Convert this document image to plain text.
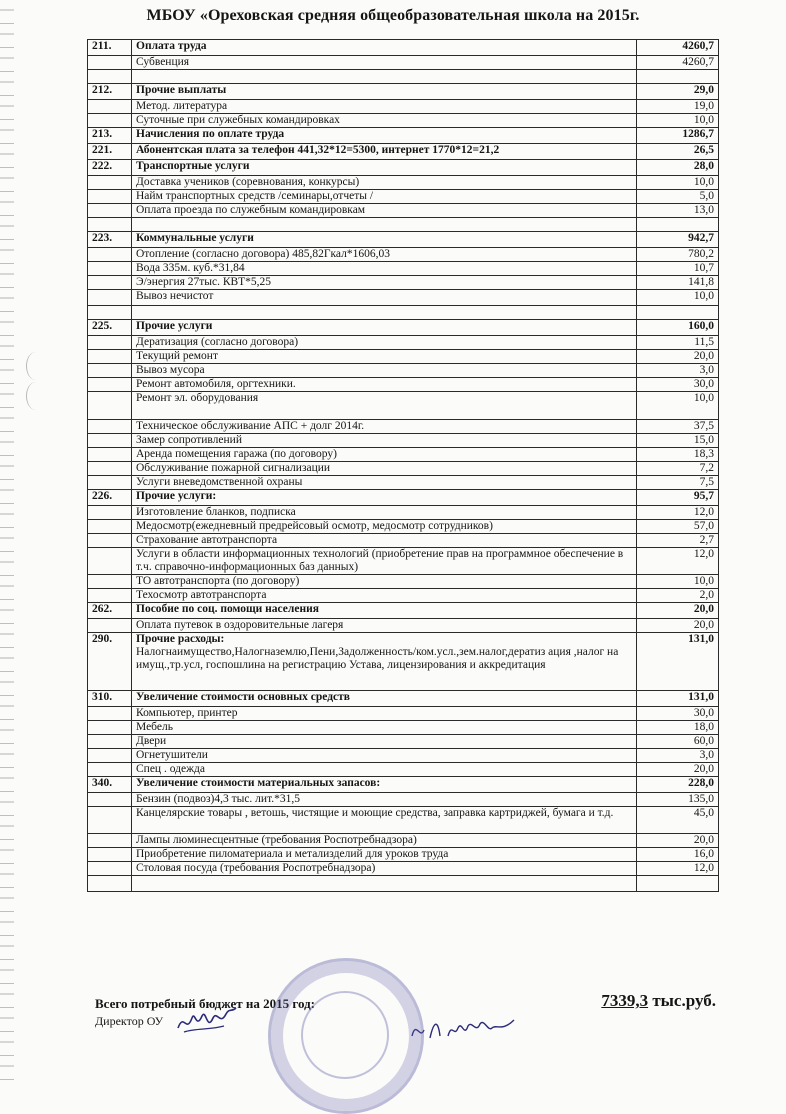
МБОУ «Ореховская средняя общеобразовательная школа на 2015г.
211.	Оплата труда	4260,7
	Субвенция	4260,7

212.	Прочие выплаты	29,0
	Метод. литература	19,0
	Суточные при служебных командировках	10,0
213.	Начисления по оплате труда	1286,7
221.	Абонентская плата за телефон 441,32*12=5300, интернет 1770*12=21,2	26,5
222.	Транспортные услуги	28,0
	Доставка учеников (соревнования, конкурсы)	10,0
	Найм транспортных средств /семинары,отчеты /	5,0
	Оплата проезда по служебным командировкам	13,0

223.	Коммунальные услуги	942,7
	Отопление (согласно договора) 485,82Гкал*1606,03	780,2
	Вода 335м. куб.*31,84	10,7
	Э/энергия 27тыс. КВТ*5,25	141,8
	Вывоз нечистот	10,0

225.	Прочие услуги	160,0
	Дератизация (согласно договора)	11,5
	Текущий ремонт	20,0
	Вывоз мусора	3,0
	Ремонт автомобиля, оргтехники.	30,0
	Ремонт эл. оборудования	10,0
	Техническое обслуживание АПС + долг 2014г.	37,5
	Замер сопротивлений	15,0
	Аренда помещения гаража (по договору)	18,3
	Обслуживание пожарной сигнализации	7,2
	Услуги вневедомственной охраны	7,5
226.	Прочие услуги:	95,7
	Изготовление бланков, подписка	12,0
	Медосмотр(ежедневный предрейсовый осмотр, медосмотр сотрудников)	57,0
	Страхование автотранспорта	2,7
	Услуги в области информационных технологий (приобретение прав на программное обеспечение в т.ч. справочно-информационных баз данных)	12,0
	ТО автотранспорта (по договору)	10,0
	Техосмотр автотранспорта	2,0
262.	Пособие по соц. помощи населения	20,0
	Оплата путевок в оздоровительные лагеря	20,0
290.	Прочие расходы:
Налогнаимущество,Налогназемлю,Пени,Задолженность/ком.усл.,зем.налог,дератиз ация ,налог на имущ.,тр.усл, госпошлина на регистрацию Устава, лицензирования и аккредитация	131,0
310.	Увеличение стоимости основных средств	131,0
	Компьютер, принтер	30,0
	Мебель	18,0
	Двери	60,0
	Огнетушители	3,0
	Спец . одежда	20,0
340.	Увеличение стоимости материальных запасов:	228,0
	Бензин (подвоз)4,3 тыс. лит.*31,5	135,0
	Канцелярские товары , ветошь, чистящие и моющие средства, заправка картриджей, бумага и т.д.	45,0
	Лампы люминесцентные (требования Роспотребнадзора)	20,0
	Приобретение пиломатериала и метализделий для уроков труда	16,0
	Столовая посуда (требования Роспотребнадзора)	12,0

Всего потребный бюджет на 2015 год:	7339,3 тыс.руб.
Директор ОУ
